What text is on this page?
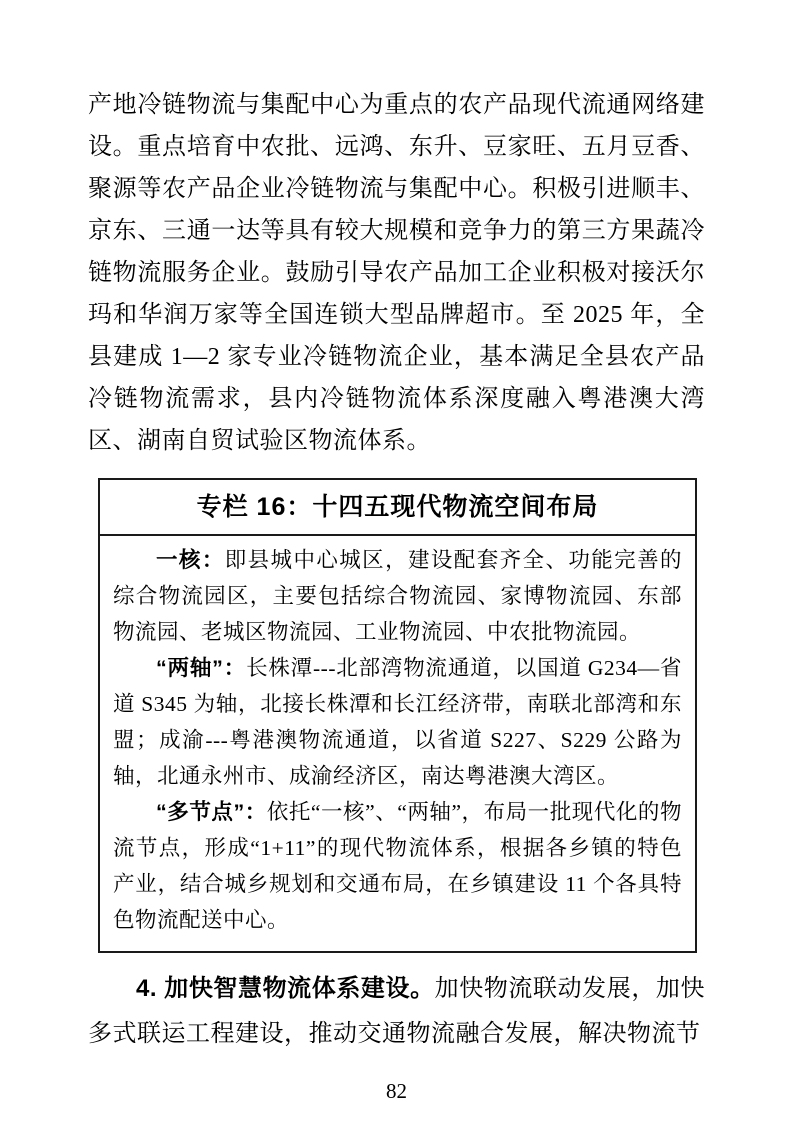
产地冷链物流与集配中心为重点的农产品现代流通网络建设。重点培育中农批、远鸿、东升、豆家旺、五月豆香、聚源等农产品企业冷链物流与集配中心。积极引进顺丰、京东、三通一达等具有较大规模和竞争力的第三方果蔬冷链物流服务企业。鼓励引导农产品加工企业积极对接沃尔玛和华润万家等全国连锁大型品牌超市。至 2025 年，全县建成 1—2 家专业冷链物流企业，基本满足全县农产品冷链物流需求，县内冷链物流体系深度融入粤港澳大湾区、湖南自贸试验区物流体系。

专栏 16：十四五现代物流空间布局

一核：即县城中心城区，建设配套齐全、功能完善的综合物流园区，主要包括综合物流园、家博物流园、东部物流园、老城区物流园、工业物流园、中农批物流园。

“两轴”：长株潭---北部湾物流通道，以国道 G234—省道 S345 为轴，北接长株潭和长江经济带，南联北部湾和东盟；成渝---粤港澳物流通道，以省道 S227、S229 公路为轴，北通永州市、成渝经济区，南达粤港澳大湾区。

“多节点”：依托“一核”、“两轴”，布局一批现代化的物流节点，形成“1+11”的现代物流体系，根据各乡镇的特色产业，结合城乡规划和交通布局，在乡镇建设 11 个各具特色物流配送中心。

4. 加快智慧物流体系建设。加快物流联动发展，加快多式联运工程建设，推动交通物流融合发展，解决物流节

82
